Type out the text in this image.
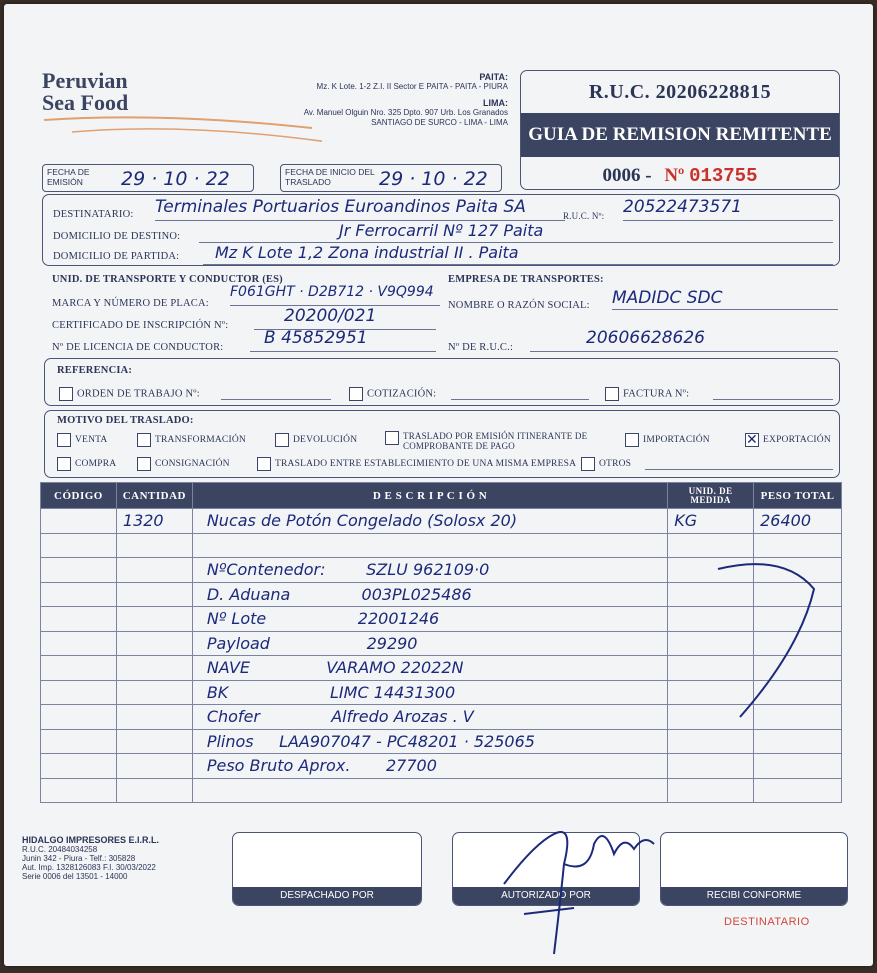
Peruvian
Sea Food
PAITA:
Mz. K Lote. 1-2 Z.I. II Sector E PAITA - PAITA - PIURA
LIMA:
Av. Manuel Olguin Nro. 325 Dpto. 907 Urb. Los Granados
SANTIAGO DE SURCO - LIMA - LIMA
R.U.C. 20206228815
GUIA DE REMISION REMITENTE
0006 - Nº 013755
FECHA DE EMISIÓN	29 · 10 · 22	FECHA DE INICIO DEL TRASLADO	29 · 10 · 22
DESTINATARIO: Terminales Portuarios Euroandinos Paita SA	R.U.C. Nº: 20522473571
DOMICILIO DE DESTINO:	Jr Ferrocarril Nº 127 Paita
DOMICILIO DE PARTIDA:	Mz K Lote 1,2 Zona industrial II . Paita
UNID. DE TRANSPORTE Y CONDUCTOR (ES)
MARCA Y NÚMERO DE PLACA:
F061GHT · D2B712 · V9Q994
CERTIFICADO DE INSCRIPCIÓN Nº:	20200/021
Nº DE LICENCIA DE CONDUCTOR:	B 45852951
EMPRESA DE TRANSPORTES:
NOMBRE O RAZÓN SOCIAL: MADIDC SDC
Nº DE R.U.C.:	20606628626
REFERENCIA:
ORDEN DE TRABAJO Nº:	COTIZACIÓN:	FACTURA Nº:
MOTIVO DEL TRASLADO:
VENTA	TRANSFORMACIÓN	DEVOLUCIÓN	TRASLADO POR EMISIÓN ITINERANTE DE COMPROBANTE DE PAGO
IMPORTACIÓN ✕	EXPORTACIÓN
COMPRA	CONSIGNACIÓN	TRASLADO ENTRE ESTABLECIMIENTO DE UNA MISMA EMPRESA	OTROS
CÓDIGO	CANTIDAD	D E S C R I P C I Ó N	UNID. DE MEDIDA	PESO TOTAL
	1320	Nucas de Potón Congelado (Solosx 20)	KG	26400

		NºContenedor:        SZLU 962109·0		
		D. Aduana              003PL025486		
		Nº Lote                  22001246		
		Payload                   29290		
		NAVE               VARAMO 22022N		
		BK                    LIMC 14431300		
		Chofer              Alfredo Arozas . V		
		Plinos     LAA907047 - PC48201 · 525065		
		Peso Bruto Aprox.       27700		

HIDALGO IMPRESORES E.I.R.L.
R.U.C. 20484034258
Junin 342 - Piura - Telf.: 305828
Aut. Imp. 1328126083 F.I. 30/03/2022
Serie 0006 del 13501 - 14000
DESPACHADO POR	AUTORIZADO POR	RECIBI CONFORME
DESTINATARIO
